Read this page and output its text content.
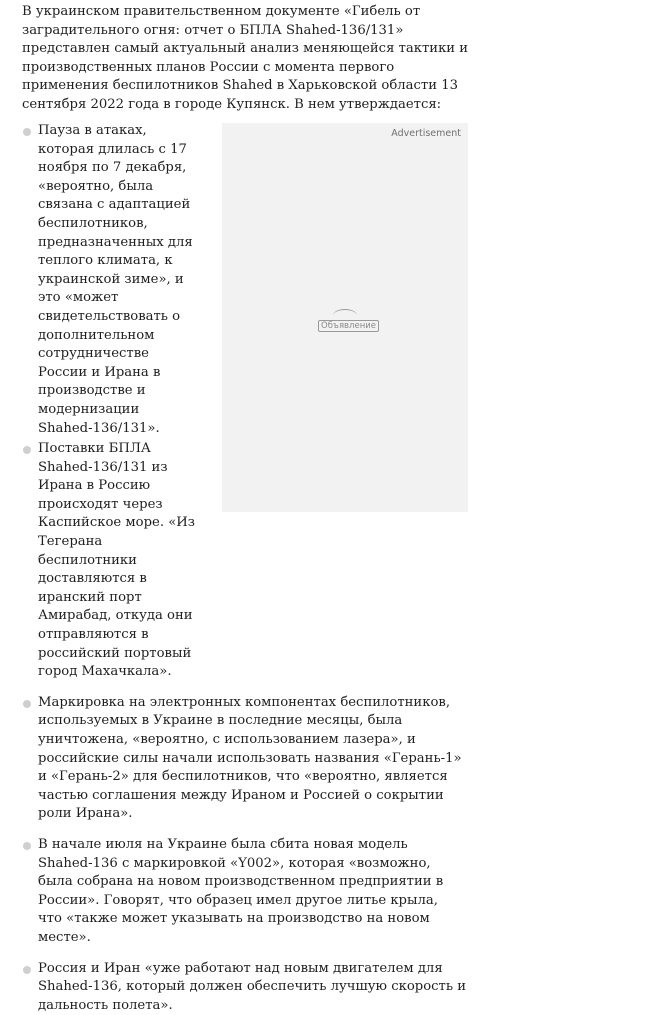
В украинском правительственном документе «Гибель от заградительного огня: отчет о БПЛА Shahed-136/131» представлен самый актуальный анализ меняющейся тактики и производственных планов России с момента первого применения беспилотников Shahed в Харьковской области 13 сентября 2022 года в городе Купянск. В нем утверждается:

Пауза в атаках, которая длилась с 17 ноября по 7 декабря, «вероятно, была связана с адаптацией беспилотников, предназначенных для теплого климата, к украинской зиме», и это «может свидетельствовать о дополнительном сотрудничестве России и Ирана в производстве и модернизации Shahed-136/131».
Поставки БПЛА Shahed-136/131 из Ирана в Россию происходят через Каспийское море. «Из Тегерана беспилотники доставляются в иранский порт Амирабад, откуда они отправляются в российский портовый город Махачкала».
Маркировка на электронных компонентах беспилотников, используемых в Украине в последние месяцы, была уничтожена, «вероятно, с использованием лазера», и российские силы начали использовать названия «Герань-1» и «Герань-2» для беспилотников, что «вероятно, является частью соглашения между Ираном и Россией о сокрытии роли Ирана».
В начале июля на Украине была сбита новая модель Shahed-136 с маркировкой «Y002», которая «возможно, была собрана на новом производственном предприятии в России». Говорят, что образец имел другое литье крыла, что «также может указывать на производство на новом месте».
Россия и Иран «уже работают над новым двигателем для Shahed-136, который должен обеспечить лучшую скорость и дальность полета».
Advertisement
Объявление
